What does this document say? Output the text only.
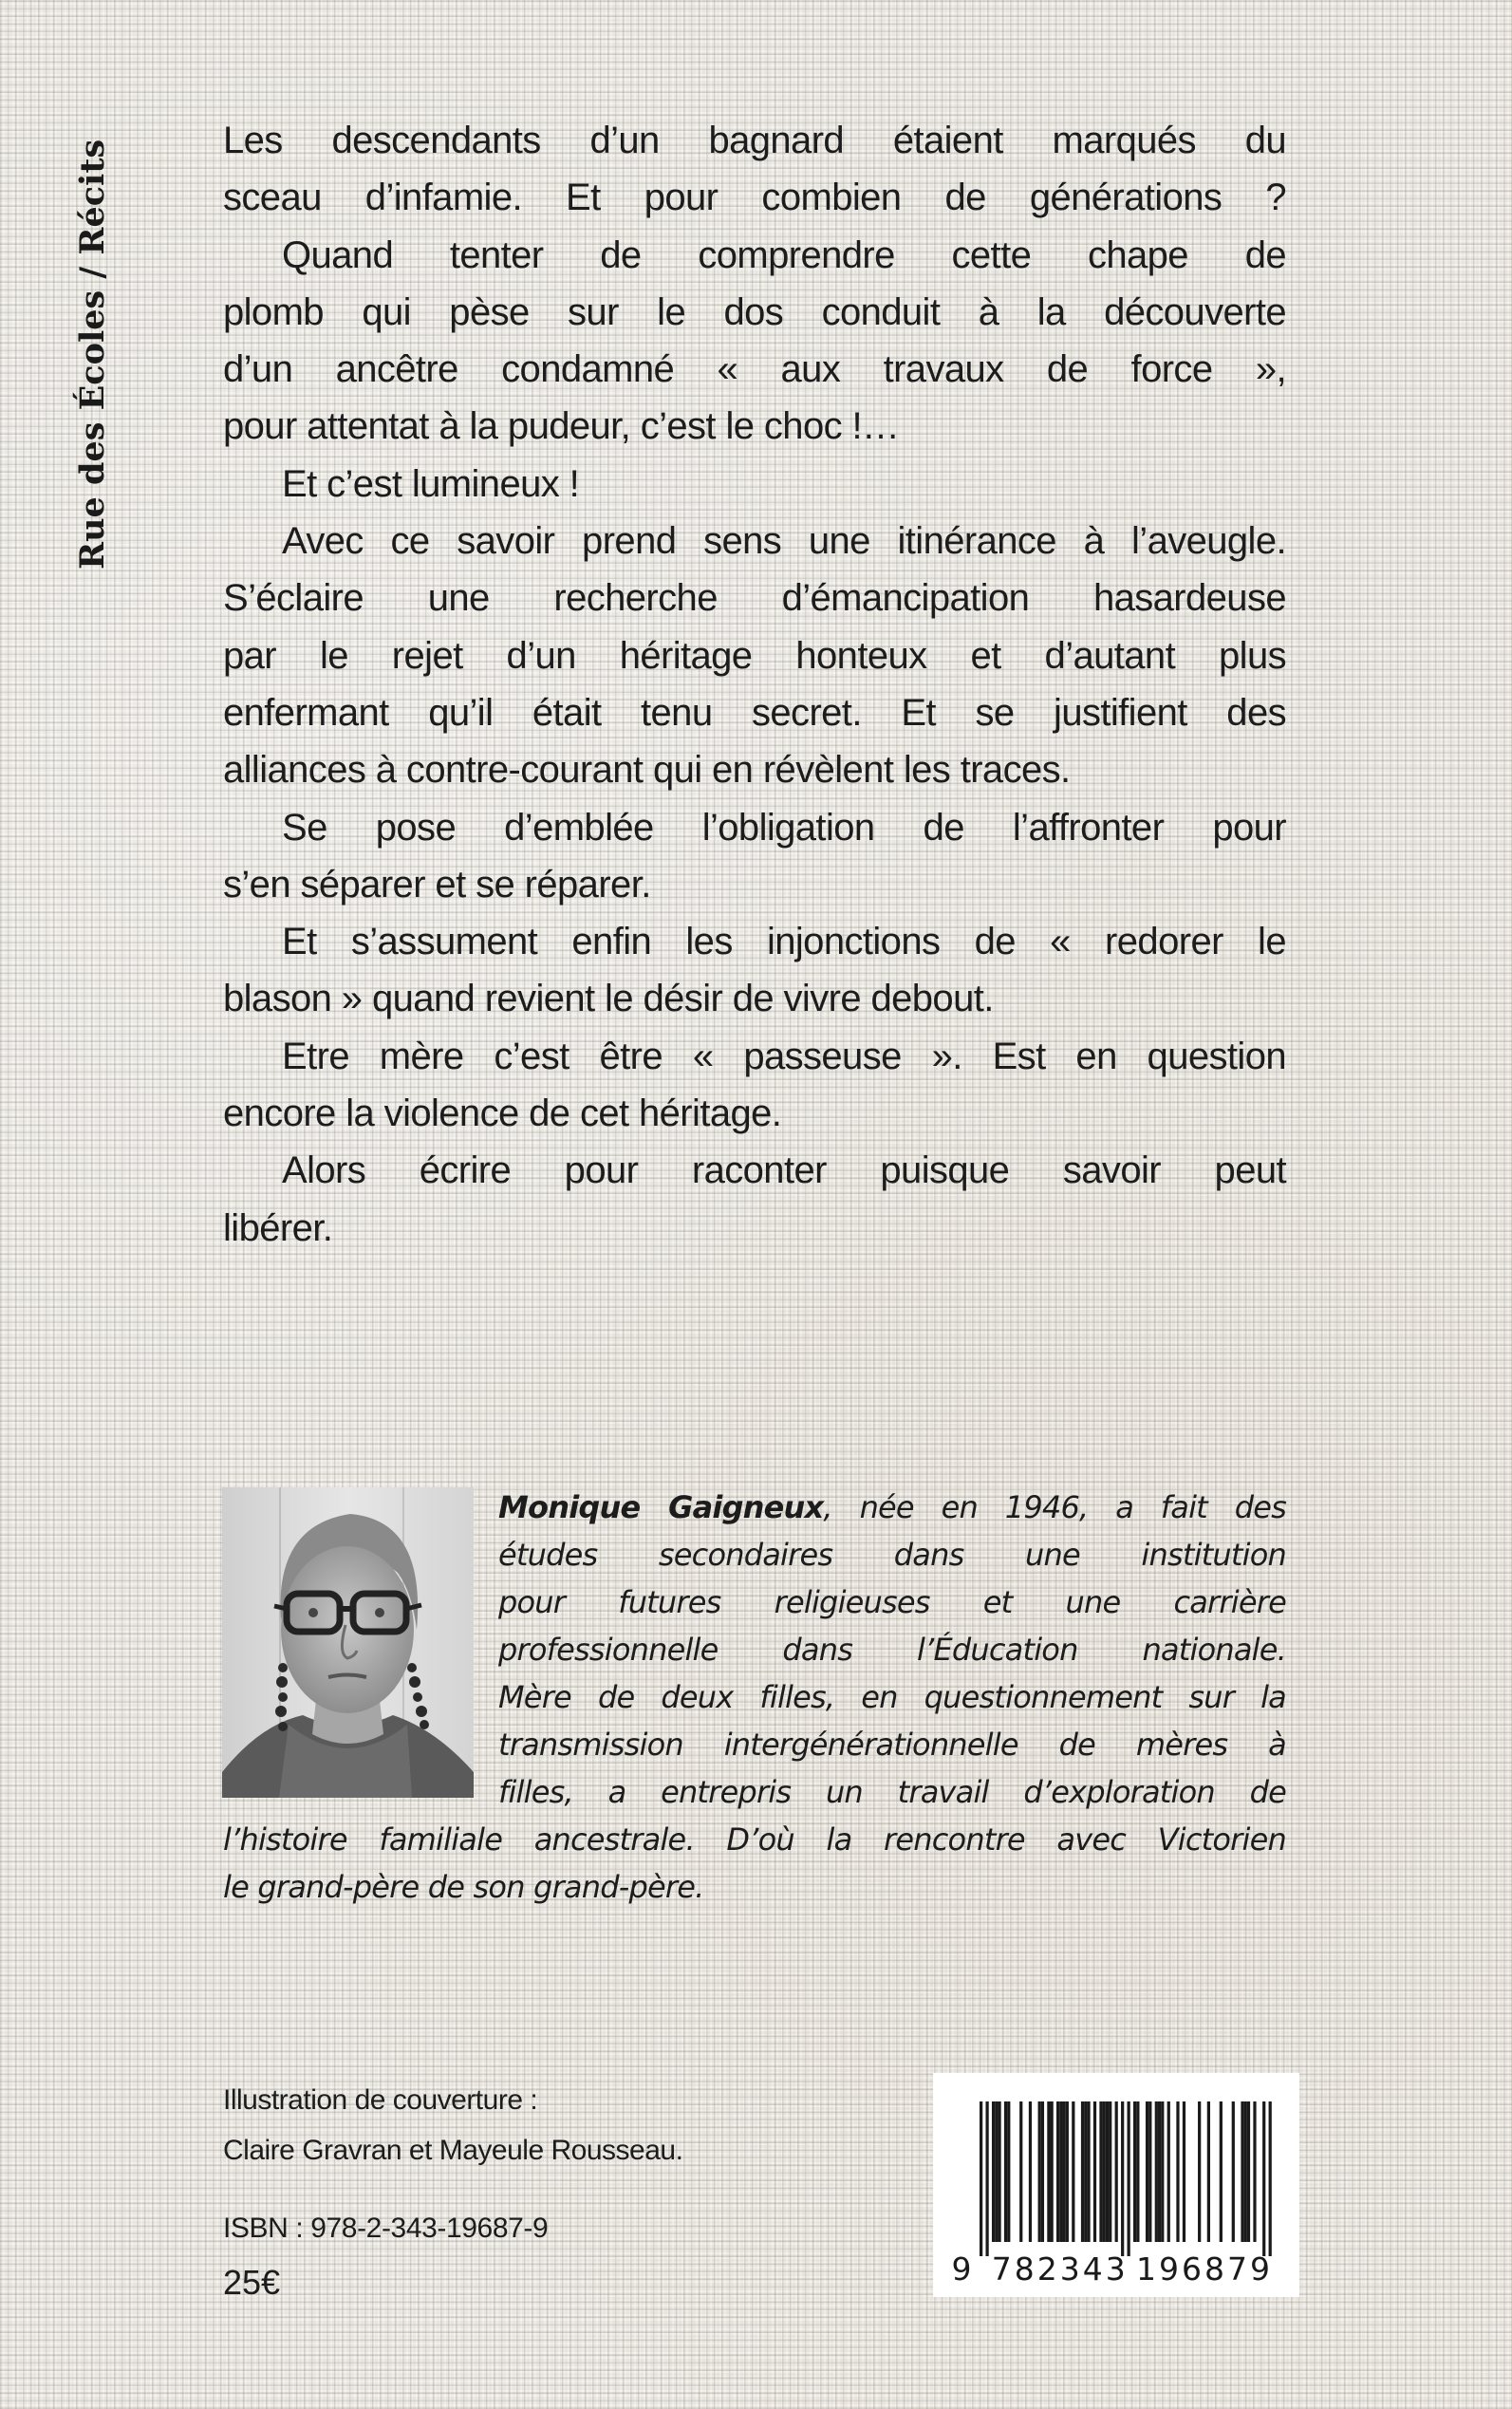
Rue des Écoles / Récits	Les descendants d’un bagnard étaient marqués du
sceau d’infamie. Et pour combien de générations ?
Quand tenter de comprendre cette chape de
plomb qui pèse sur le dos conduit à la découverte
d’un ancêtre condamné « aux travaux de force »,
pour attentat à la pudeur, c’est le choc !…
Et c’est lumineux !
Avec ce savoir prend sens une itinérance à l’aveugle.
S’éclaire une recherche d’émancipation hasardeuse
par le rejet d’un héritage honteux et d’autant plus
enfermant qu’il était tenu secret. Et se justifient des
alliances à contre-courant qui en révèlent les traces.
Se pose d’emblée l’obligation de l’affronter pour
s’en séparer et se réparer.
Et s’assument enfin les injonctions de « redorer le
blason » quand revient le désir de vivre debout.
Etre mère c’est être « passeuse ». Est en question
encore la violence de cet héritage.
Alors écrire pour raconter puisque savoir peut
libérer.
Monique Gaigneux, née en 1946, a fait des
études secondaires dans une institution
pour futures religieuses et une carrière
professionnelle dans l’Éducation nationale.
Mère de deux filles, en questionnement sur la
transmission intergénérationnelle de mères à
filles, a entrepris un travail d’exploration de
l’histoire familiale ancestrale. D’où la rencontre avec Victorien
le grand-père de son grand-père.
Illustration de couverture :
Claire Gravran et Mayeule Rousseau.
ISBN : 978-2-343-19687-9
25€	9 782343 196879
